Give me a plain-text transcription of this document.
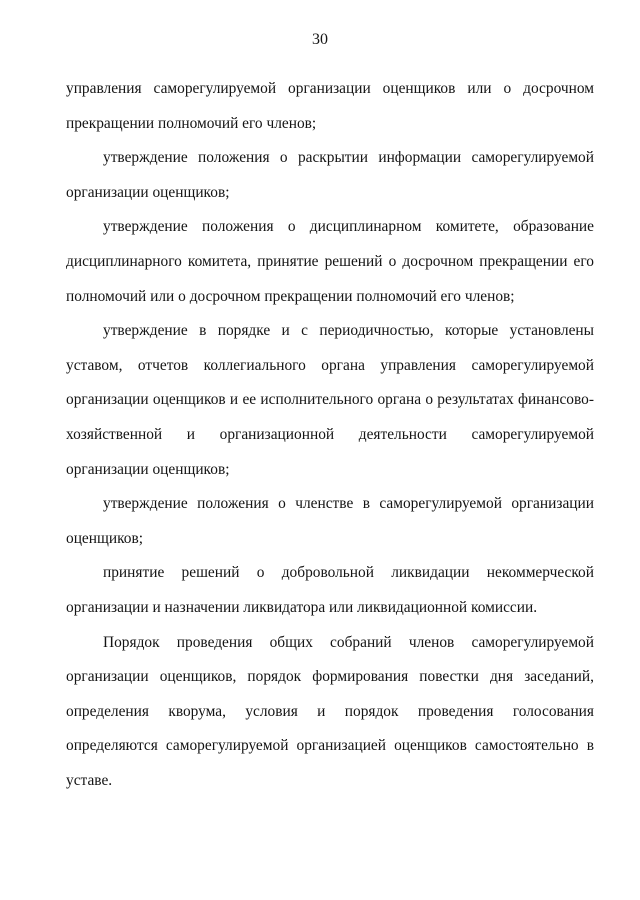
30

управления саморегулируемой организации оценщиков или о досрочном прекращении полномочий его членов;

утверждение положения о раскрытии информации саморегулируемой организации оценщиков;

утверждение положения о дисциплинарном комитете, образование дисциплинарного комитета, принятие решений о досрочном прекращении его полномочий или о досрочном прекращении полномочий его членов;

утверждение в порядке и с периодичностью, которые установлены уставом, отчетов коллегиального органа управления саморегулируемой организации оценщиков и ее исполнительного органа о результатах финансово-хозяйственной и организационной деятельности саморегулируемой организации оценщиков;

утверждение положения о членстве в саморегулируемой организации оценщиков;

принятие решений о добровольной ликвидации некоммерческой организации и назначении ликвидатора или ликвидационной комиссии.

Порядок проведения общих собраний членов саморегулируемой организации оценщиков, порядок формирования повестки дня заседаний, определения кворума, условия и порядок проведения голосования определяются саморегулируемой организацией оценщиков самостоятельно в уставе.
